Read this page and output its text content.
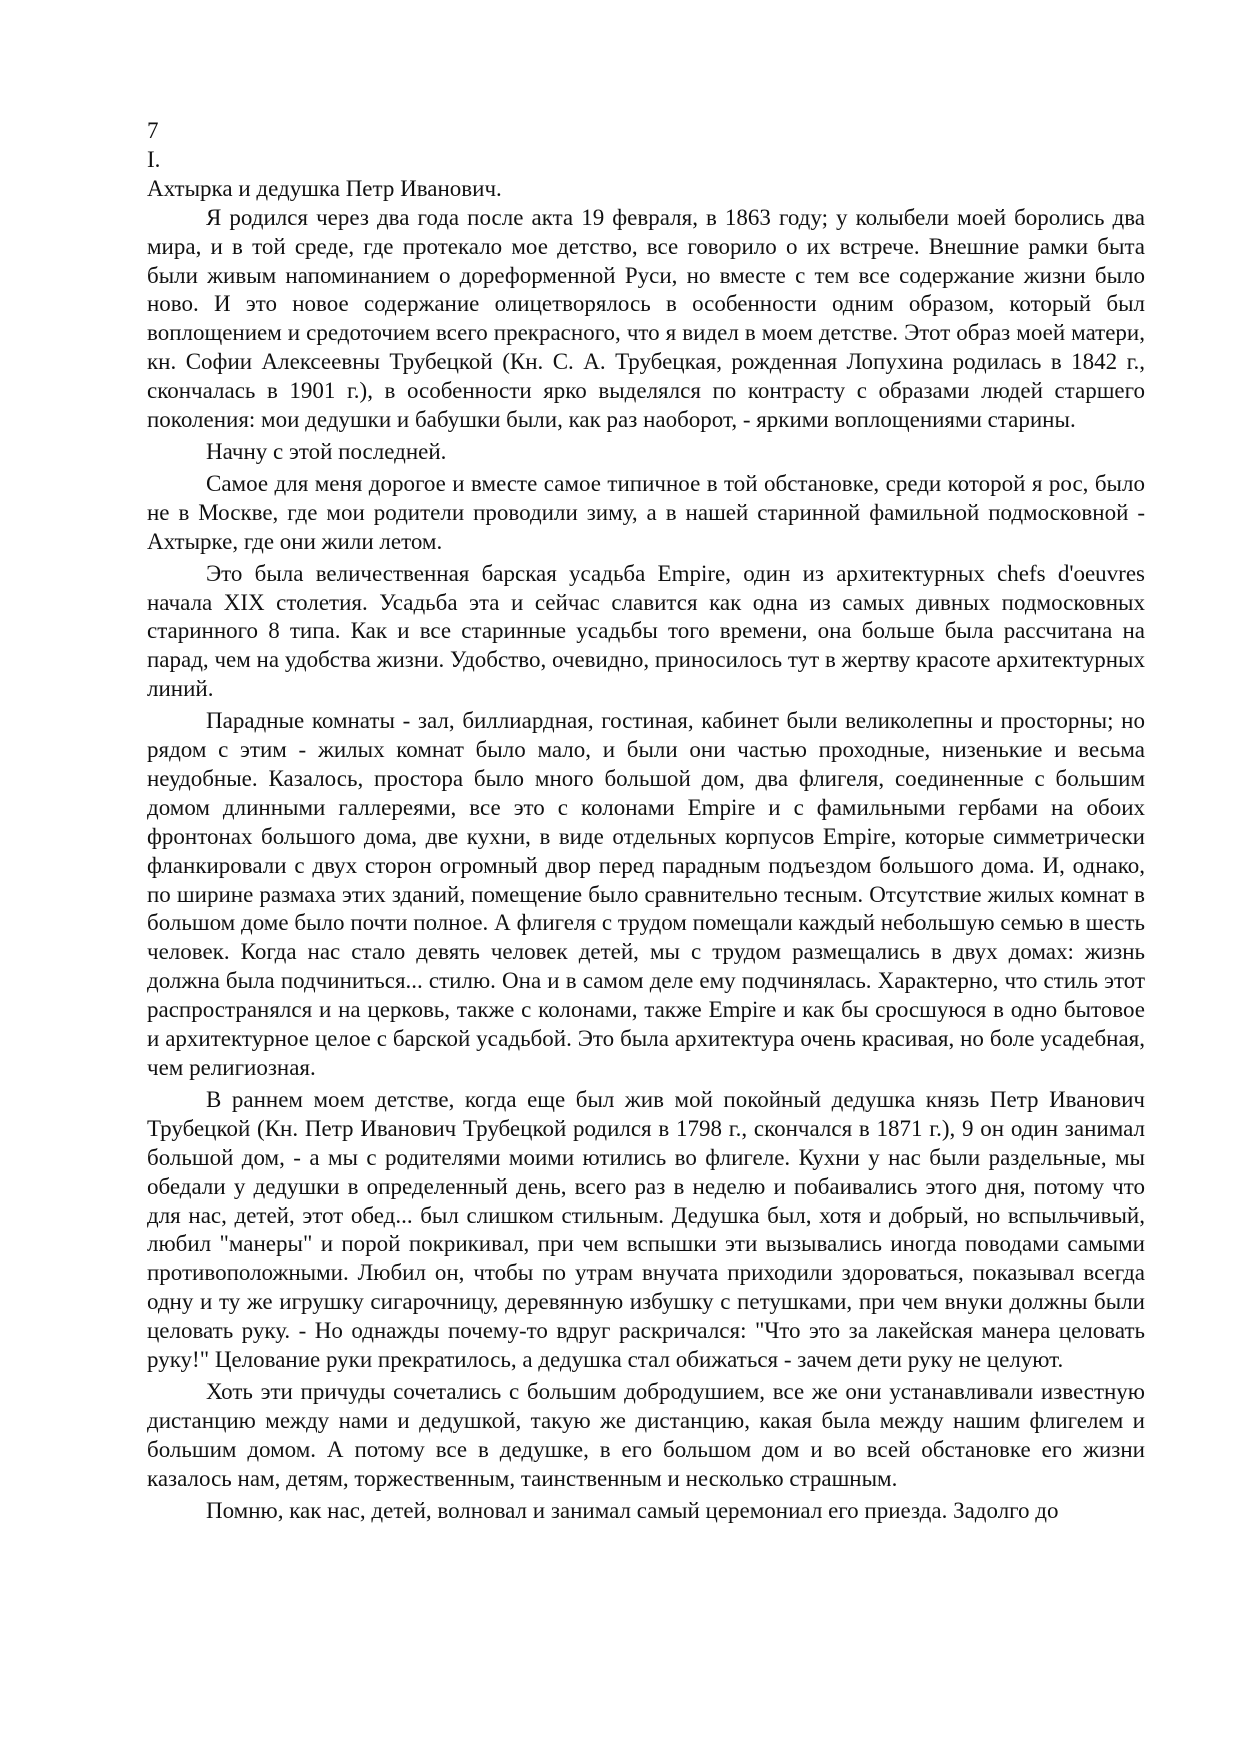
7

I.

Ахтырка и дедушка Петр Иванович.

Я родился через два года после акта 19 февраля, в 1863 году; у колыбели моей боролись два мира, и в той среде, где протекало мое детство, все говорило о их встрече. Внешние рамки быта были живым напоминанием о дореформенной Руси, но вместе с тем все содержание жизни было ново. И это новое содержание олицетворялось в особенности одним образом, который был воплощением и средоточием всего прекрасного, что я видел в моем детстве. Этот образ моей матери, кн. Софии Алексеевны Трубецкой (Кн. С. А. Трубецкая, рожденная Лопухина родилась в 1842 г., скончалась в 1901 г.), в особенности ярко выделялся по контрасту с образами людей старшего поколения: мои дедушки и бабушки были, как раз наоборот, - яркими воплощениями старины.

Начну с этой последней.

Самое для меня дорогое и вместе самое типичное в той обстановке, среди которой я рос, было не в Москве, где мои родители проводили зиму, а в нашей старинной фамильной подмосковной - Ахтырке, где они жили летом.

Это была величественная барская усадьба Empire, один из архитектурных chefs d'oeuvres начала XIX столетия. Усадьба эта и сейчас славится как одна из самых дивных подмосковных старинного 8 типа. Как и все старинные усадьбы того времени, она больше была рассчитана на парад, чем на удобства жизни. Удобство, очевидно, приносилось тут в жертву красоте архитектурных линий.

Парадные комнаты - зал, биллиардная, гостиная, кабинет были великолепны и просторны; но рядом с этим - жилых комнат было мало, и были они частью проходные, низенькие и весьма неудобные. Казалось, простора было много большой дом, два флигеля, соединенные с большим домом длинными галлереями, все это с колонами Empire и с фамильными гербами на обоих фронтонах большого дома, две кухни, в виде отдельных корпусов Empire, которые симметрически фланкировали с двух сторон огромный двор перед парадным подъездом большого дома. И, однако, по ширине размаха этих зданий, помещение было сравнительно тесным. Отсутствие жилых комнат в большом доме было почти полное. А флигеля с трудом помещали каждый небольшую семью в шесть человек. Когда нас стало девять человек детей, мы с трудом размещались в двух домах: жизнь должна была подчиниться... стилю. Она и в самом деле ему подчинялась. Характерно, что стиль этот распространялся и на церковь, также с колонами, также Empire и как бы сросшуюся в одно бытовое и архитектурное целое с барской усадьбой. Это была архитектура очень красивая, но боле усадебная, чем религиозная.

В раннем моем детстве, когда еще был жив мой покойный дедушка князь Петр Иванович Трубецкой (Кн. Петр Иванович Трубецкой родился в 1798 г., скончался в 1871 г.), 9 он один занимал большой дом, - а мы с родителями моими ютились во флигеле. Кухни у нас были раздельные, мы обедали у дедушки в определенный день, всего раз в неделю и побаивались этого дня, потому что для нас, детей, этот обед... был слишком стильным. Дедушка был, хотя и добрый, но вспыльчивый, любил "манеры" и порой покрикивал, при чем вспышки эти вызывались иногда поводами самыми противоположными. Любил он, чтобы по утрам внучата приходили здороваться, показывал всегда одну и ту же игрушку сигарочницу, деревянную избушку с петушками, при чем внуки должны были целовать руку. - Но однажды почему-то вдруг раскричался: "Что это за лакейская манера целовать руку!" Целование руки прекратилось, а дедушка стал обижаться - зачем дети руку не целуют.

Хоть эти причуды сочетались с большим добродушием, все же они устанавливали известную дистанцию между нами и дедушкой, такую же дистанцию, какая была между нашим флигелем и большим домом. А потому все в дедушке, в его большом дом и во всей обстановке его жизни казалось нам, детям, торжественным, таинственным и несколько страшным.

Помню, как нас, детей, волновал и занимал самый церемониал его приезда. Задолго до
